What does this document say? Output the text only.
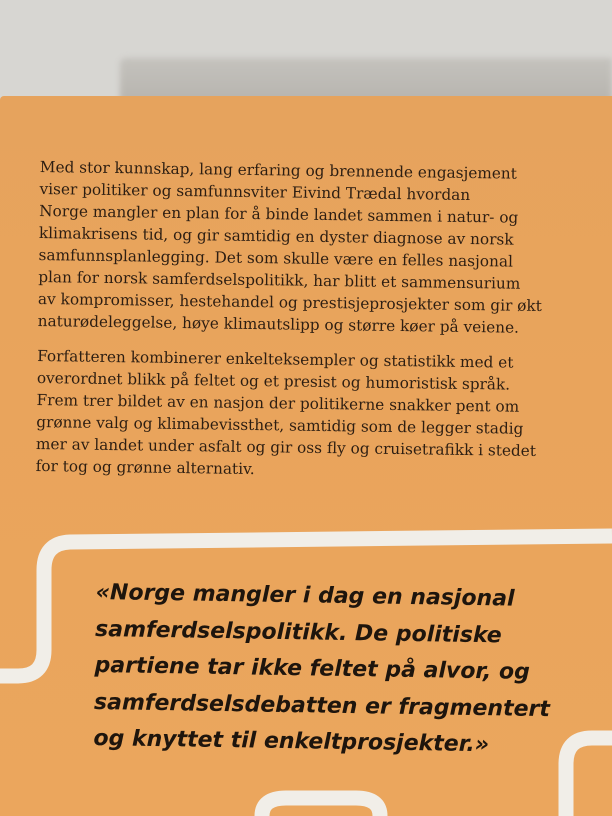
Med stor kunnskap, lang erfaring og brennende engasjement
viser politiker og samfunnsviter Eivind Trædal hvordan
Norge mangler en plan for å binde landet sammen i natur- og
klimakrisens tid, og gir samtidig en dyster diagnose av norsk
samfunnsplanlegging. Det som skulle være en felles nasjonal
plan for norsk samferdselspolitikk, har blitt et sammensurium
av kompromisser, hestehandel og prestisjeprosjekter som gir økt
naturødeleggelse, høye klimautslipp og større køer på veiene.

Forfatteren kombinerer enkelteksempler og statistikk med et
overordnet blikk på feltet og et presist og humoristisk språk.
Frem trer bildet av en nasjon der politikerne snakker pent om
grønne valg og klimabevissthet, samtidig som de legger stadig
mer av landet under asfalt og gir oss fly og cruisetrafikk i stedet
for tog og grønne alternativ.

«Norge mangler i dag en nasjonal
samferdselspolitikk. De politiske
partiene tar ikke feltet på alvor, og
samferdselsdebatten er fragmentert
og knyttet til enkeltprosjekter.»
